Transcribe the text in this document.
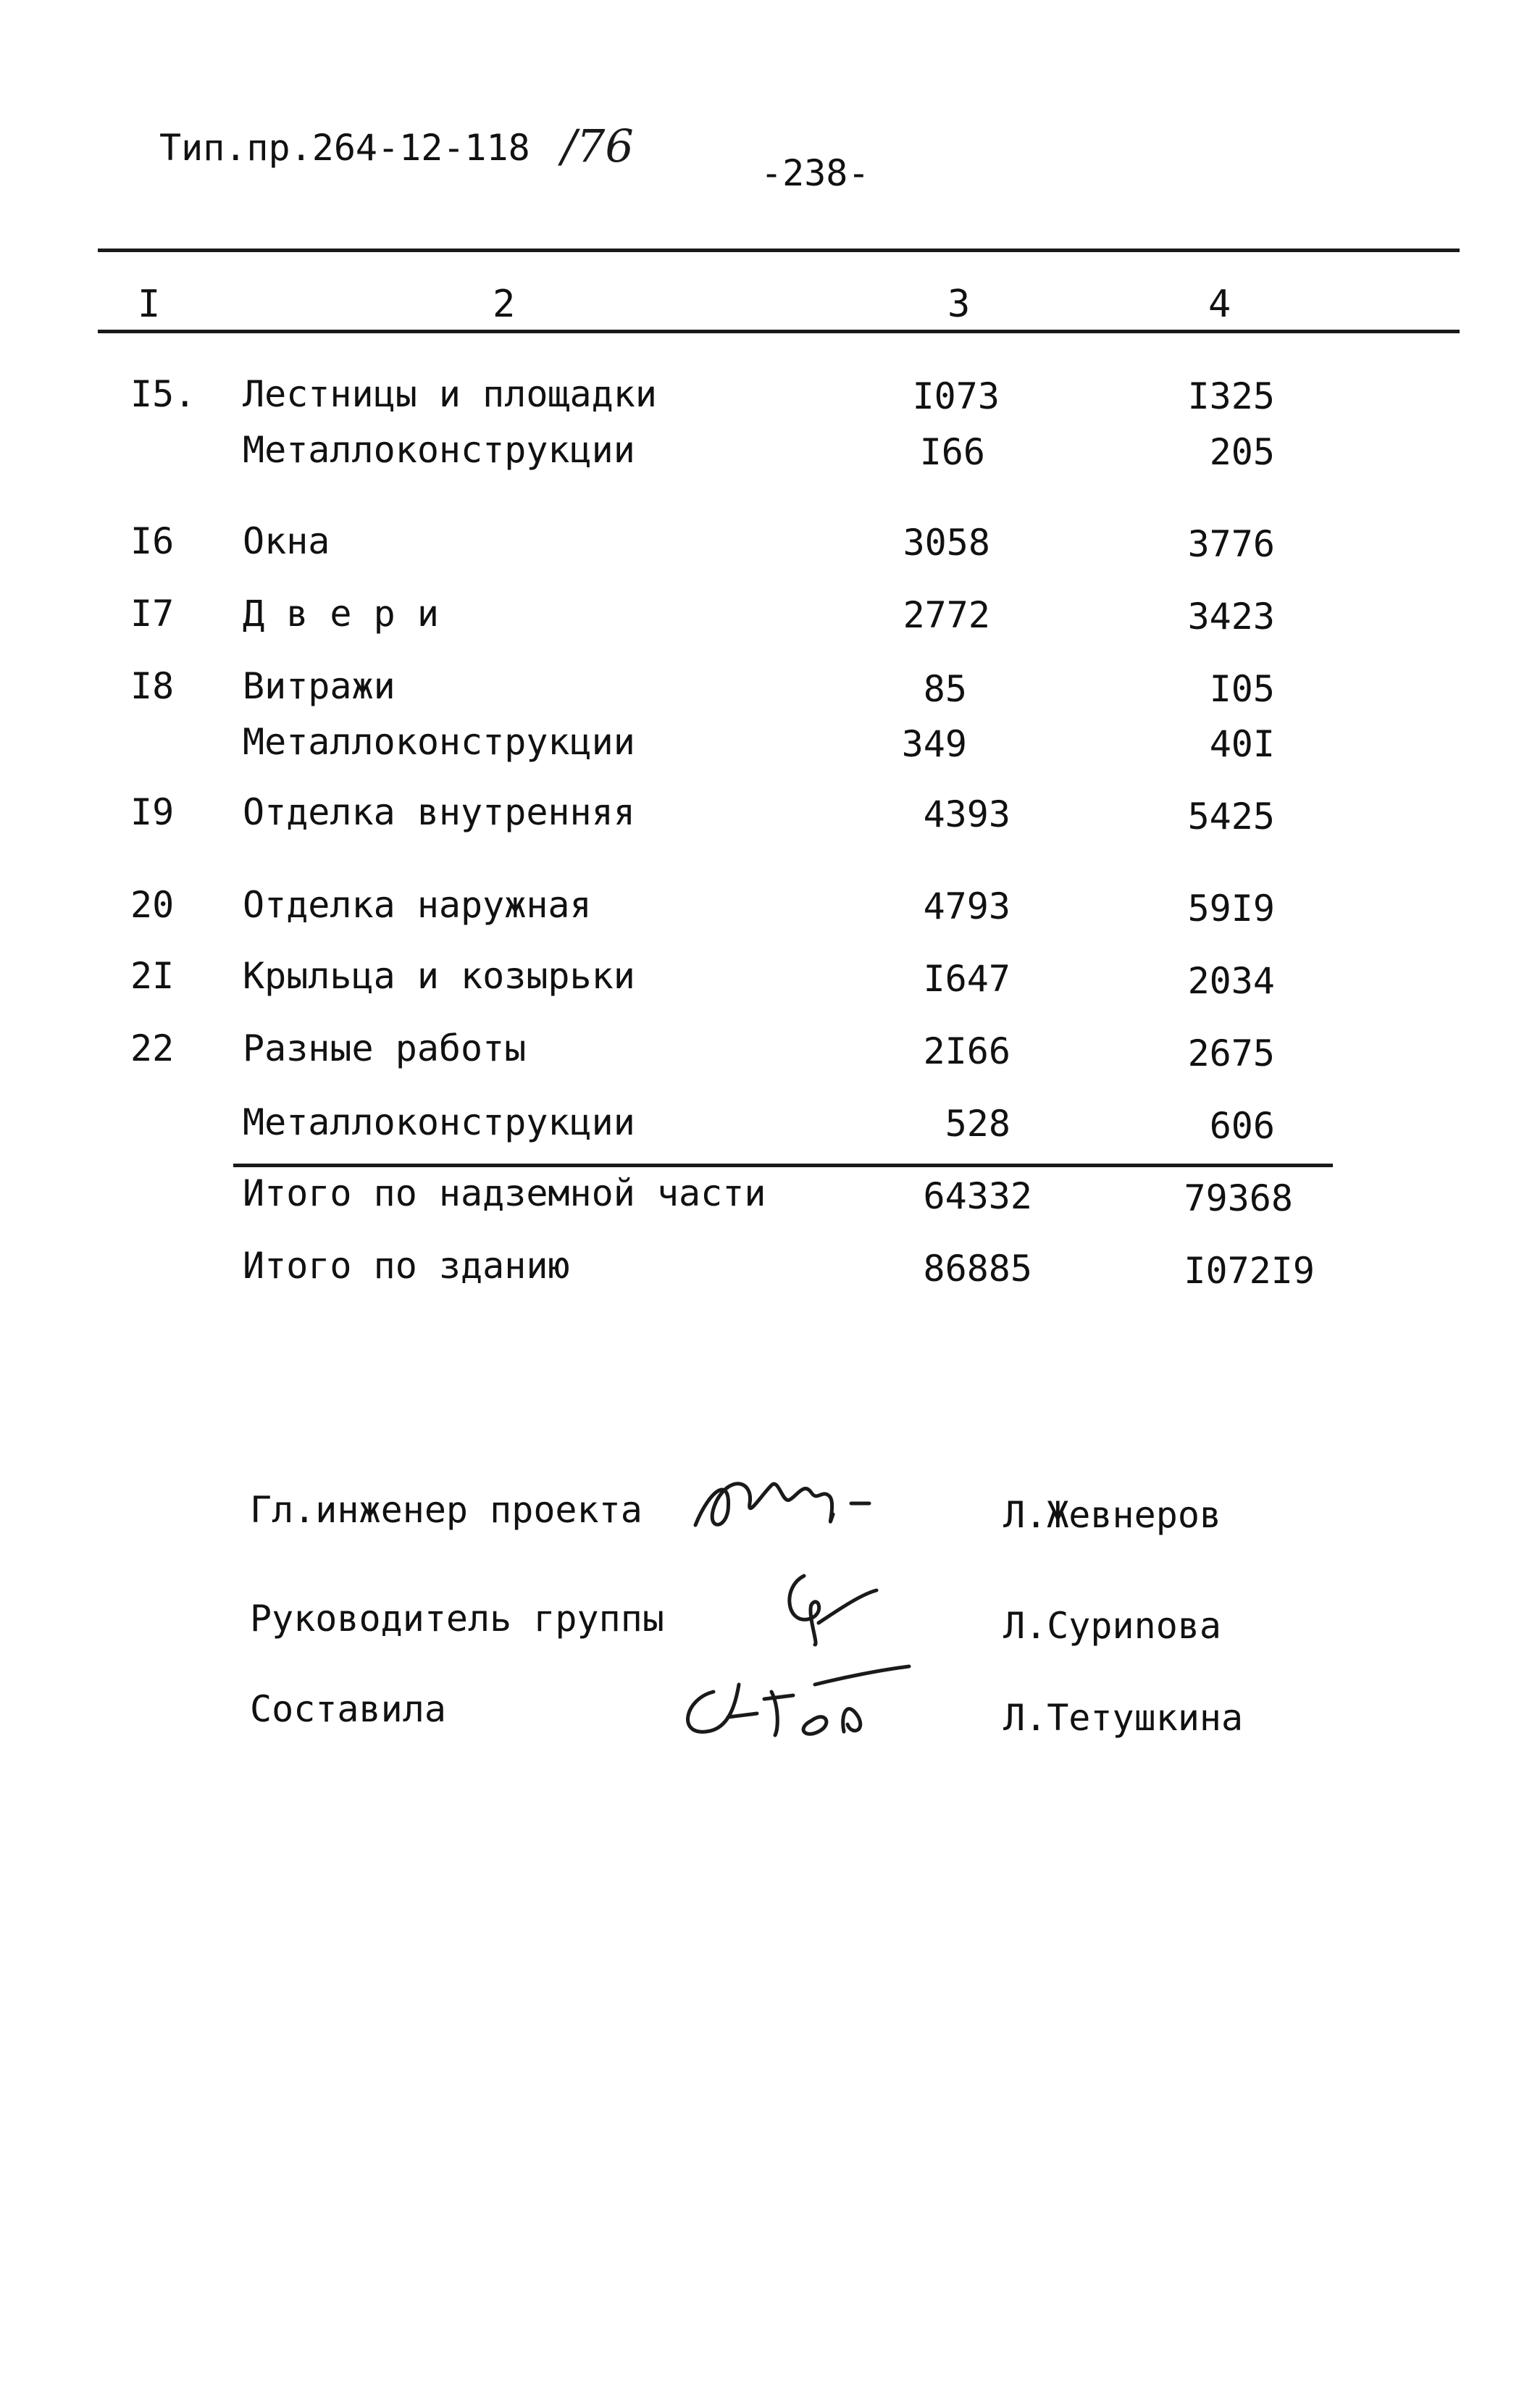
Тип.пр.264-12-118 /76
-238-
I	2	3	4
I5. Лестницы и площадки	I073	I325
Металлоконструкции	I66	205
I6 Окна	3058	3776
I7 Д в е р и	2772	3423
I8 Витражи	85	I05
Металлоконструкции	349	40I
I9 Отделка внутренняя	4393	5425
20 Отделка наружная	4793	59I9
2I Крыльца и козырьки	I647	2034
22 Разные работы	2I66	2675
Металлоконструкции	528	606
Итого по надземной части	64332	79368
Итого по зданию	86885	I072I9
Гл.инженер проекта	Л.Жевнеров
Руководитель группы	Л.Суриnова
Составила	Л.Тетушкина
